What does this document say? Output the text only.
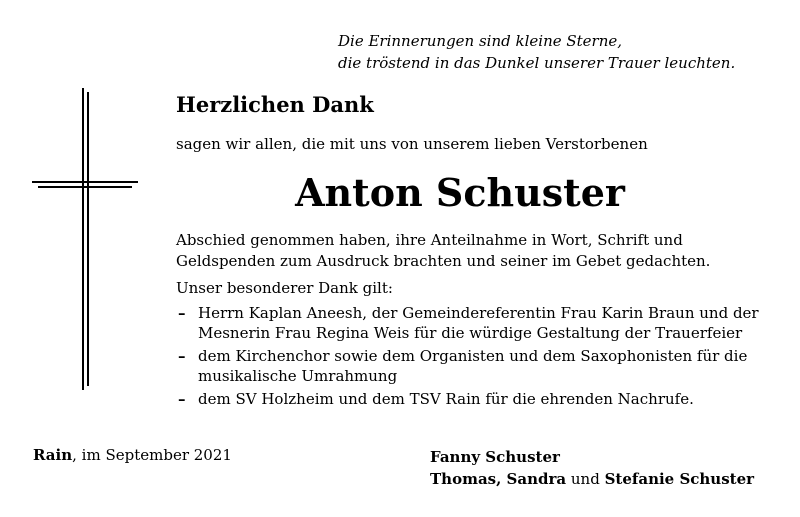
Die Erinnerungen sind kleine Sterne,
die tröstend in das Dunkel unserer Trauer leuchten.
Herzlichen Dank
sagen wir allen, die mit uns von unserem lieben Verstorbenen
Anton Schuster
Abschied genommen haben, ihre Anteilnahme in Wort, Schrift und Geldspenden zum Ausdruck brachten und seiner im Gebet gedachten.
Unser besonderer Dank gilt:
– Herrn Kaplan Aneesh, der Gemeindereferentin Frau Karin Braun und der Mesnerin Frau Regina Weis für die würdige Gestaltung der Trauerfeier
– dem Kirchenchor sowie dem Organisten und dem Saxophonisten für die musikalische Umrahmung
– dem SV Holzheim und dem TSV Rain für die ehrenden Nachrufe.
Rain, im September 2021	Fanny Schuster
Thomas, Sandra und Stefanie Schuster
